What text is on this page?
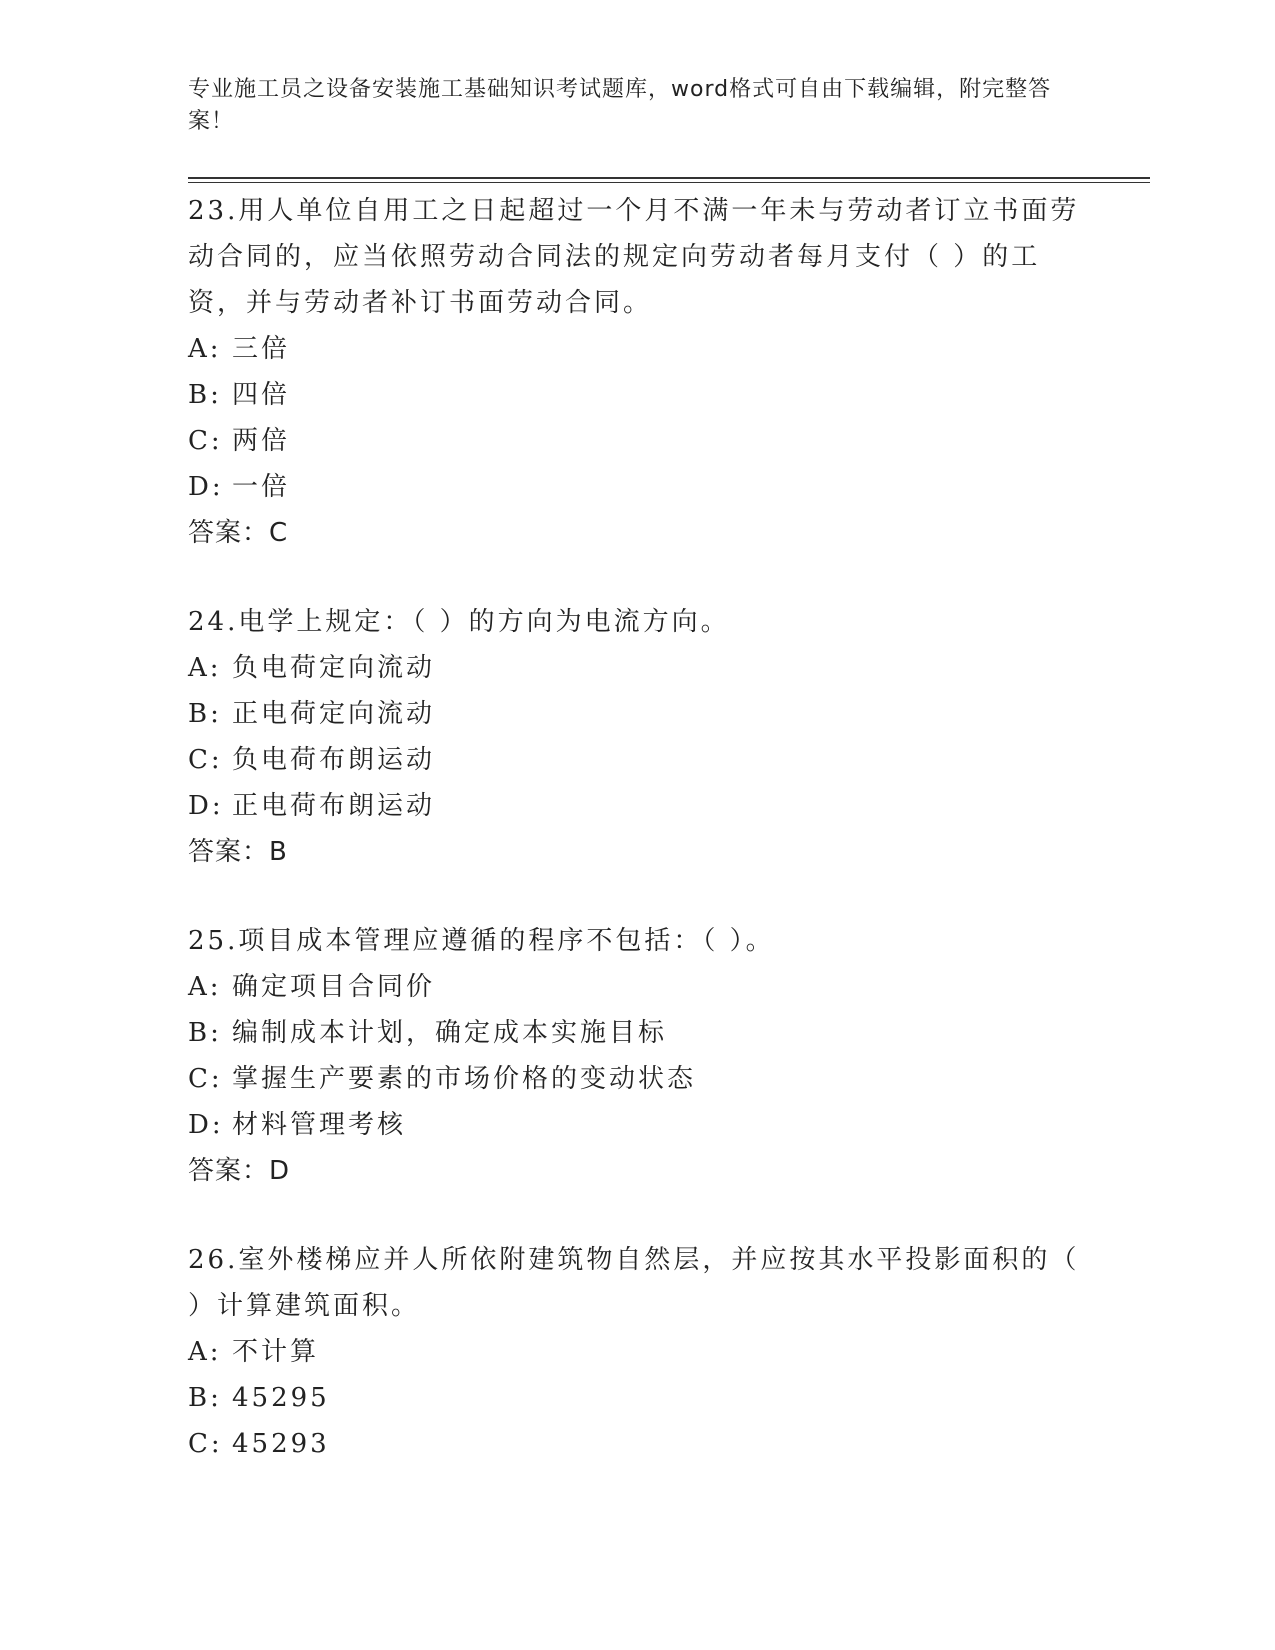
专业施工员之设备安装施工基础知识考试题库，word格式可自由下载编辑，附完整答案！

23.用人单位自用工之日起超过一个月不满一年未与劳动者订立书面劳动合同的，应当依照劳动合同法的规定向劳动者每月支付（ ）的工资，并与劳动者补订书面劳动合同。

A: 三倍

B: 四倍

C: 两倍

D: 一倍

答案：C

24.电学上规定：（ ）的方向为电流方向。

A: 负电荷定向流动

B: 正电荷定向流动

C: 负电荷布朗运动

D: 正电荷布朗运动

答案：B

25.项目成本管理应遵循的程序不包括：（ ）。

A: 确定项目合同价

B: 编制成本计划，确定成本实施目标

C: 掌握生产要素的市场价格的变动状态

D: 材料管理考核

答案：D

26.室外楼梯应并人所依附建筑物自然层，并应按其水平投影面积的（ ）计算建筑面积。

A: 不计算

B: 45295

C: 45293
